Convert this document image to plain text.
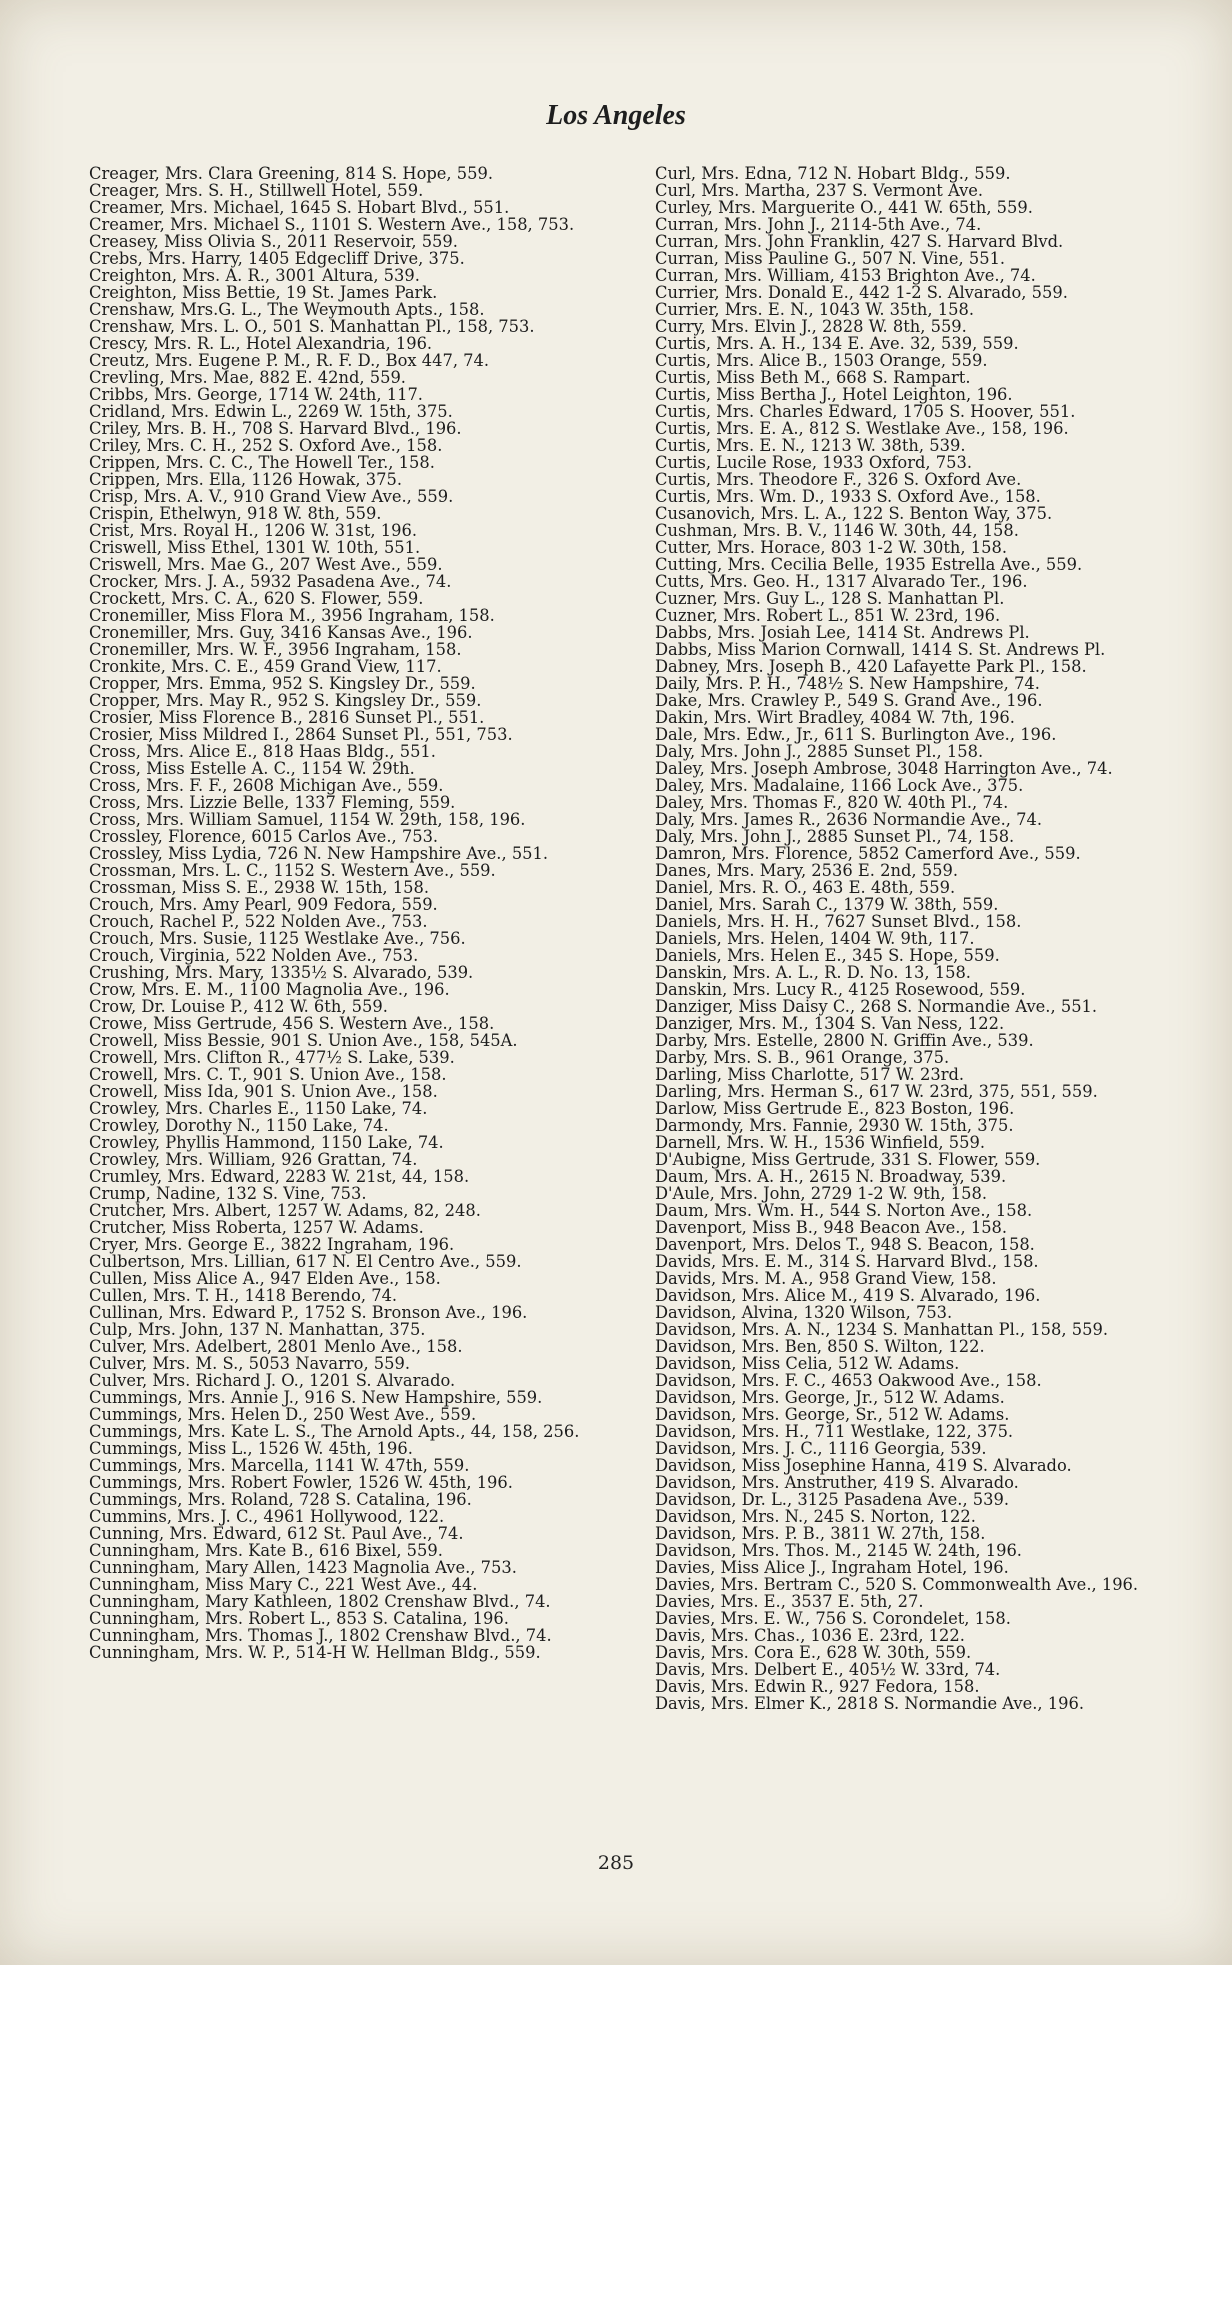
Los Angeles

Creager, Mrs. Clara Greening, 814 S. Hope, 559.

Creager, Mrs. S. H., Stillwell Hotel, 559.

Creamer, Mrs. Michael, 1645 S. Hobart Blvd., 551.

Creamer, Mrs. Michael S., 1101 S. Western Ave., 158, 753.

Creasey, Miss Olivia S., 2011 Reservoir, 559.

Crebs, Mrs. Harry, 1405 Edgecliff Drive, 375.

Creighton, Mrs. A. R., 3001 Altura, 539.

Creighton, Miss Bettie, 19 St. James Park.

Crenshaw, Mrs.G. L., The Weymouth Apts., 158.

Crenshaw, Mrs. L. O., 501 S. Manhattan Pl., 158, 753.

Crescy, Mrs. R. L., Hotel Alexandria, 196.

Creutz, Mrs. Eugene P. M., R. F. D., Box 447, 74.

Crevling, Mrs. Mae, 882 E. 42nd, 559.

Cribbs, Mrs. George, 1714 W. 24th, 117.

Cridland, Mrs. Edwin L., 2269 W. 15th, 375.

Criley, Mrs. B. H., 708 S. Harvard Blvd., 196.

Criley, Mrs. C. H., 252 S. Oxford Ave., 158.

Crippen, Mrs. C. C., The Howell Ter., 158.

Crippen, Mrs. Ella, 1126 Howak, 375.

Crisp, Mrs. A. V., 910 Grand View Ave., 559.

Crispin, Ethelwyn, 918 W. 8th, 559.

Crist, Mrs. Royal H., 1206 W. 31st, 196.

Criswell, Miss Ethel, 1301 W. 10th, 551.

Criswell, Mrs. Mae G., 207 West Ave., 559.

Crocker, Mrs. J. A., 5932 Pasadena Ave., 74.

Crockett, Mrs. C. A., 620 S. Flower, 559.

Cronemiller, Miss Flora M., 3956 Ingraham, 158.

Cronemiller, Mrs. Guy, 3416 Kansas Ave., 196.

Cronemiller, Mrs. W. F., 3956 Ingraham, 158.

Cronkite, Mrs. C. E., 459 Grand View, 117.

Cropper, Mrs. Emma, 952 S. Kingsley Dr., 559.

Cropper, Mrs. May R., 952 S. Kingsley Dr., 559.

Crosier, Miss Florence B., 2816 Sunset Pl., 551.

Crosier, Miss Mildred I., 2864 Sunset Pl., 551, 753.

Cross, Mrs. Alice E., 818 Haas Bldg., 551.

Cross, Miss Estelle A. C., 1154 W. 29th.

Cross, Mrs. F. F., 2608 Michigan Ave., 559.

Cross, Mrs. Lizzie Belle, 1337 Fleming, 559.

Cross, Mrs. William Samuel, 1154 W. 29th, 158, 196.

Crossley, Florence, 6015 Carlos Ave., 753.

Crossley, Miss Lydia, 726 N. New Hampshire Ave., 551.

Crossman, Mrs. L. C., 1152 S. Western Ave., 559.

Crossman, Miss S. E., 2938 W. 15th, 158.

Crouch, Mrs. Amy Pearl, 909 Fedora, 559.

Crouch, Rachel P., 522 Nolden Ave., 753.

Crouch, Mrs. Susie, 1125 Westlake Ave., 756.

Crouch, Virginia, 522 Nolden Ave., 753.

Crushing, Mrs. Mary, 1335½ S. Alvarado, 539.

Crow, Mrs. E. M., 1100 Magnolia Ave., 196.

Crow, Dr. Louise P., 412 W. 6th, 559.

Crowe, Miss Gertrude, 456 S. Western Ave., 158.

Crowell, Miss Bessie, 901 S. Union Ave., 158, 545A.

Crowell, Mrs. Clifton R., 477½ S. Lake, 539.

Crowell, Mrs. C. T., 901 S. Union Ave., 158.

Crowell, Miss Ida, 901 S. Union Ave., 158.

Crowley, Mrs. Charles E., 1150 Lake, 74.

Crowley, Dorothy N., 1150 Lake, 74.

Crowley, Phyllis Hammond, 1150 Lake, 74.

Crowley, Mrs. William, 926 Grattan, 74.

Crumley, Mrs. Edward, 2283 W. 21st, 44, 158.

Crump, Nadine, 132 S. Vine, 753.

Crutcher, Mrs. Albert, 1257 W. Adams, 82, 248.

Crutcher, Miss Roberta, 1257 W. Adams.

Cryer, Mrs. George E., 3822 Ingraham, 196.

Culbertson, Mrs. Lillian, 617 N. El Centro Ave., 559.

Cullen, Miss Alice A., 947 Elden Ave., 158.

Cullen, Mrs. T. H., 1418 Berendo, 74.

Cullinan, Mrs. Edward P., 1752 S. Bronson Ave., 196.

Culp, Mrs. John, 137 N. Manhattan, 375.

Culver, Mrs. Adelbert, 2801 Menlo Ave., 158.

Culver, Mrs. M. S., 5053 Navarro, 559.

Culver, Mrs. Richard J. O., 1201 S. Alvarado.

Cummings, Mrs. Annie J., 916 S. New Hampshire, 559.

Cummings, Mrs. Helen D., 250 West Ave., 559.

Cummings, Mrs. Kate L. S., The Arnold Apts., 44, 158, 256.

Cummings, Miss L., 1526 W. 45th, 196.

Cummings, Mrs. Marcella, 1141 W. 47th, 559.

Cummings, Mrs. Robert Fowler, 1526 W. 45th, 196.

Cummings, Mrs. Roland, 728 S. Catalina, 196.

Cummins, Mrs. J. C., 4961 Hollywood, 122.

Cunning, Mrs. Edward, 612 St. Paul Ave., 74.

Cunningham, Mrs. Kate B., 616 Bixel, 559.

Cunningham, Mary Allen, 1423 Magnolia Ave., 753.

Cunningham, Miss Mary C., 221 West Ave., 44.

Cunningham, Mary Kathleen, 1802 Crenshaw Blvd., 74.

Cunningham, Mrs. Robert L., 853 S. Catalina, 196.

Cunningham, Mrs. Thomas J., 1802 Crenshaw Blvd., 74.

Cunningham, Mrs. W. P., 514-H W. Hellman Bldg., 559.

Curl, Mrs. Edna, 712 N. Hobart Bldg., 559.

Curl, Mrs. Martha, 237 S. Vermont Ave.

Curley, Mrs. Marguerite O., 441 W. 65th, 559.

Curran, Mrs. John J., 2114-5th Ave., 74.

Curran, Mrs. John Franklin, 427 S. Harvard Blvd.

Curran, Miss Pauline G., 507 N. Vine, 551.

Curran, Mrs. William, 4153 Brighton Ave., 74.

Currier, Mrs. Donald E., 442 1-2 S. Alvarado, 559.

Currier, Mrs. E. N., 1043 W. 35th, 158.

Curry, Mrs. Elvin J., 2828 W. 8th, 559.

Curtis, Mrs. A. H., 134 E. Ave. 32, 539, 559.

Curtis, Mrs. Alice B., 1503 Orange, 559.

Curtis, Miss Beth M., 668 S. Rampart.

Curtis, Miss Bertha J., Hotel Leighton, 196.

Curtis, Mrs. Charles Edward, 1705 S. Hoover, 551.

Curtis, Mrs. E. A., 812 S. Westlake Ave., 158, 196.

Curtis, Mrs. E. N., 1213 W. 38th, 539.

Curtis, Lucile Rose, 1933 Oxford, 753.

Curtis, Mrs. Theodore F., 326 S. Oxford Ave.

Curtis, Mrs. Wm. D., 1933 S. Oxford Ave., 158.

Cusanovich, Mrs. L. A., 122 S. Benton Way, 375.

Cushman, Mrs. B. V., 1146 W. 30th, 44, 158.

Cutter, Mrs. Horace, 803 1-2 W. 30th, 158.

Cutting, Mrs. Cecilia Belle, 1935 Estrella Ave., 559.

Cutts, Mrs. Geo. H., 1317 Alvarado Ter., 196.

Cuzner, Mrs. Guy L., 128 S. Manhattan Pl.

Cuzner, Mrs. Robert L., 851 W. 23rd, 196.

Dabbs, Mrs. Josiah Lee, 1414 St. Andrews Pl.

Dabbs, Miss Marion Cornwall, 1414 S. St. Andrews Pl.

Dabney, Mrs. Joseph B., 420 Lafayette Park Pl., 158.

Daily, Mrs. P. H., 748½ S. New Hampshire, 74.

Dake, Mrs. Crawley P., 549 S. Grand Ave., 196.

Dakin, Mrs. Wirt Bradley, 4084 W. 7th, 196.

Dale, Mrs. Edw., Jr., 611 S. Burlington Ave., 196.

Daly, Mrs. John J., 2885 Sunset Pl., 158.

Daley, Mrs. Joseph Ambrose, 3048 Harrington Ave., 74.

Daley, Mrs. Madalaine, 1166 Lock Ave., 375.

Daley, Mrs. Thomas F., 820 W. 40th Pl., 74.

Daly, Mrs. James R., 2636 Normandie Ave., 74.

Daly, Mrs. John J., 2885 Sunset Pl., 74, 158.

Damron, Mrs. Florence, 5852 Camerford Ave., 559.

Danes, Mrs. Mary, 2536 E. 2nd, 559.

Daniel, Mrs. R. O., 463 E. 48th, 559.

Daniel, Mrs. Sarah C., 1379 W. 38th, 559.

Daniels, Mrs. H. H., 7627 Sunset Blvd., 158.

Daniels, Mrs. Helen, 1404 W. 9th, 117.

Daniels, Mrs. Helen E., 345 S. Hope, 559.

Danskin, Mrs. A. L., R. D. No. 13, 158.

Danskin, Mrs. Lucy R., 4125 Rosewood, 559.

Danziger, Miss Daisy C., 268 S. Normandie Ave., 551.

Danziger, Mrs. M., 1304 S. Van Ness, 122.

Darby, Mrs. Estelle, 2800 N. Griffin Ave., 539.

Darby, Mrs. S. B., 961 Orange, 375.

Darling, Miss Charlotte, 517 W. 23rd.

Darling, Mrs. Herman S., 617 W. 23rd, 375, 551, 559.

Darlow, Miss Gertrude E., 823 Boston, 196.

Darmondy, Mrs. Fannie, 2930 W. 15th, 375.

Darnell, Mrs. W. H., 1536 Winfield, 559.

D'Aubigne, Miss Gertrude, 331 S. Flower, 559.

Daum, Mrs. A. H., 2615 N. Broadway, 539.

D'Aule, Mrs. John, 2729 1-2 W. 9th, 158.

Daum, Mrs. Wm. H., 544 S. Norton Ave., 158.

Davenport, Miss B., 948 Beacon Ave., 158.

Davenport, Mrs. Delos T., 948 S. Beacon, 158.

Davids, Mrs. E. M., 314 S. Harvard Blvd., 158.

Davids, Mrs. M. A., 958 Grand View, 158.

Davidson, Mrs. Alice M., 419 S. Alvarado, 196.

Davidson, Alvina, 1320 Wilson, 753.

Davidson, Mrs. A. N., 1234 S. Manhattan Pl., 158, 559.

Davidson, Mrs. Ben, 850 S. Wilton, 122.

Davidson, Miss Celia, 512 W. Adams.

Davidson, Mrs. F. C., 4653 Oakwood Ave., 158.

Davidson, Mrs. George, Jr., 512 W. Adams.

Davidson, Mrs. George, Sr., 512 W. Adams.

Davidson, Mrs. H., 711 Westlake, 122, 375.

Davidson, Mrs. J. C., 1116 Georgia, 539.

Davidson, Miss Josephine Hanna, 419 S. Alvarado.

Davidson, Mrs. Anstruther, 419 S. Alvarado.

Davidson, Dr. L., 3125 Pasadena Ave., 539.

Davidson, Mrs. N., 245 S. Norton, 122.

Davidson, Mrs. P. B., 3811 W. 27th, 158.

Davidson, Mrs. Thos. M., 2145 W. 24th, 196.

Davies, Miss Alice J., Ingraham Hotel, 196.

Davies, Mrs. Bertram C., 520 S. Commonwealth Ave., 196.

Davies, Mrs. E., 3537 E. 5th, 27.

Davies, Mrs. E. W., 756 S. Corondelet, 158.

Davis, Mrs. Chas., 1036 E. 23rd, 122.

Davis, Mrs. Cora E., 628 W. 30th, 559.

Davis, Mrs. Delbert E., 405½ W. 33rd, 74.

Davis, Mrs. Edwin R., 927 Fedora, 158.

Davis, Mrs. Elmer K., 2818 S. Normandie Ave., 196.

285
